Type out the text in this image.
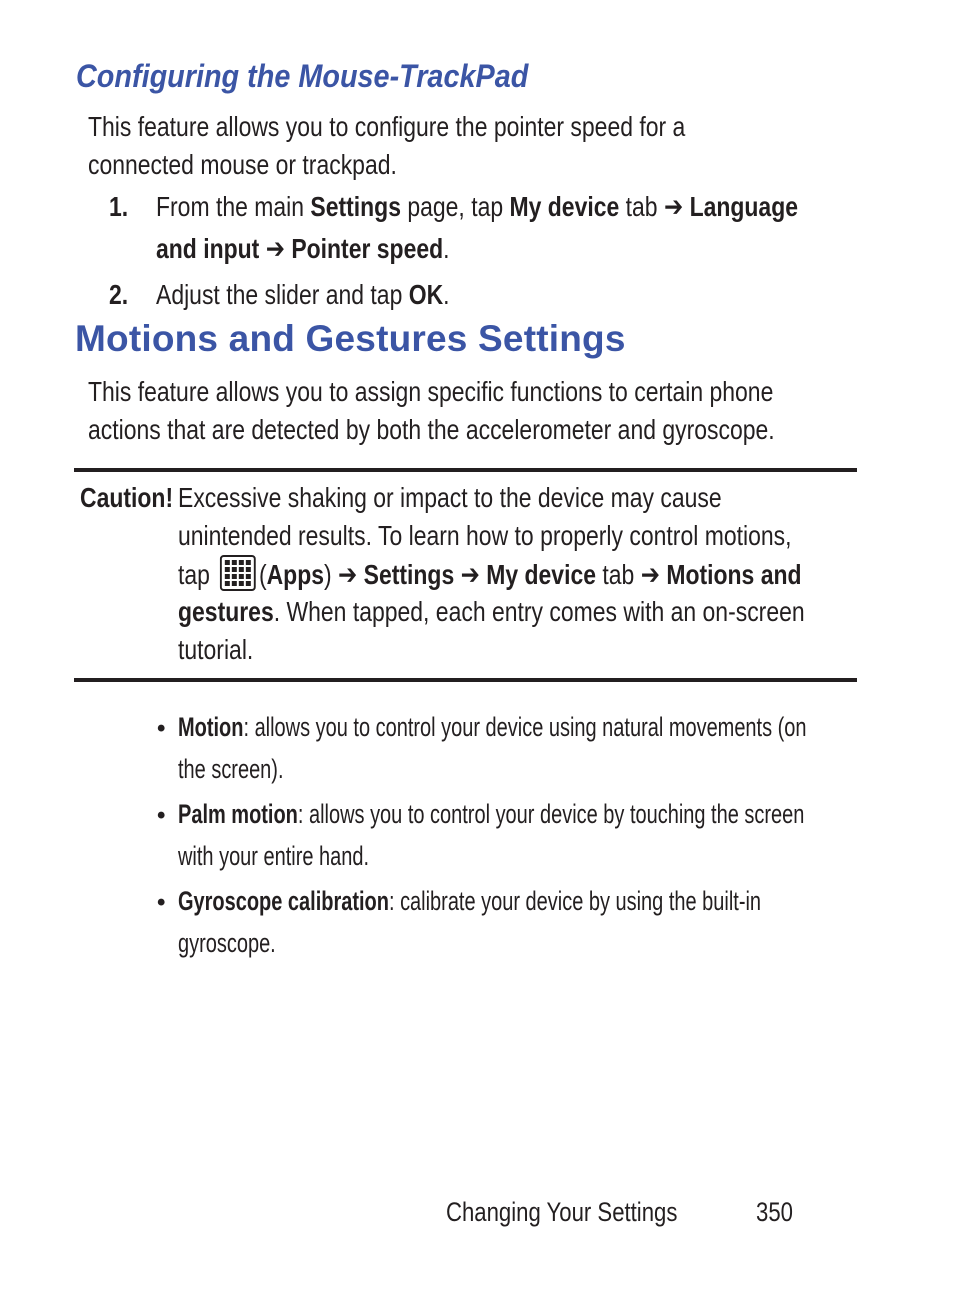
Configuring the Mouse-TrackPad
This feature allows you to configure the pointer speed for a
connected mouse or trackpad.
1. From the main Settings page, tap My device tab ➔ Language
and input ➔ Pointer speed.
2. Adjust the slider and tap OK.
Motions and Gestures Settings
This feature allows you to assign specific functions to certain phone
actions that are detected by both the accelerometer and gyroscope.
Caution! Excessive shaking or impact to the device may cause
unintended results. To learn how to properly control motions,
tap (Apps) ➔ Settings ➔ My device tab ➔ Motions and
gestures. When tapped, each entry comes with an on-screen
tutorial.
• Motion: allows you to control your device using natural movements (on
the screen).
• Palm motion: allows you to control your device by touching the screen
with your entire hand.
• Gyroscope calibration: calibrate your device by using the built-in
gyroscope.
Changing Your Settings	350
